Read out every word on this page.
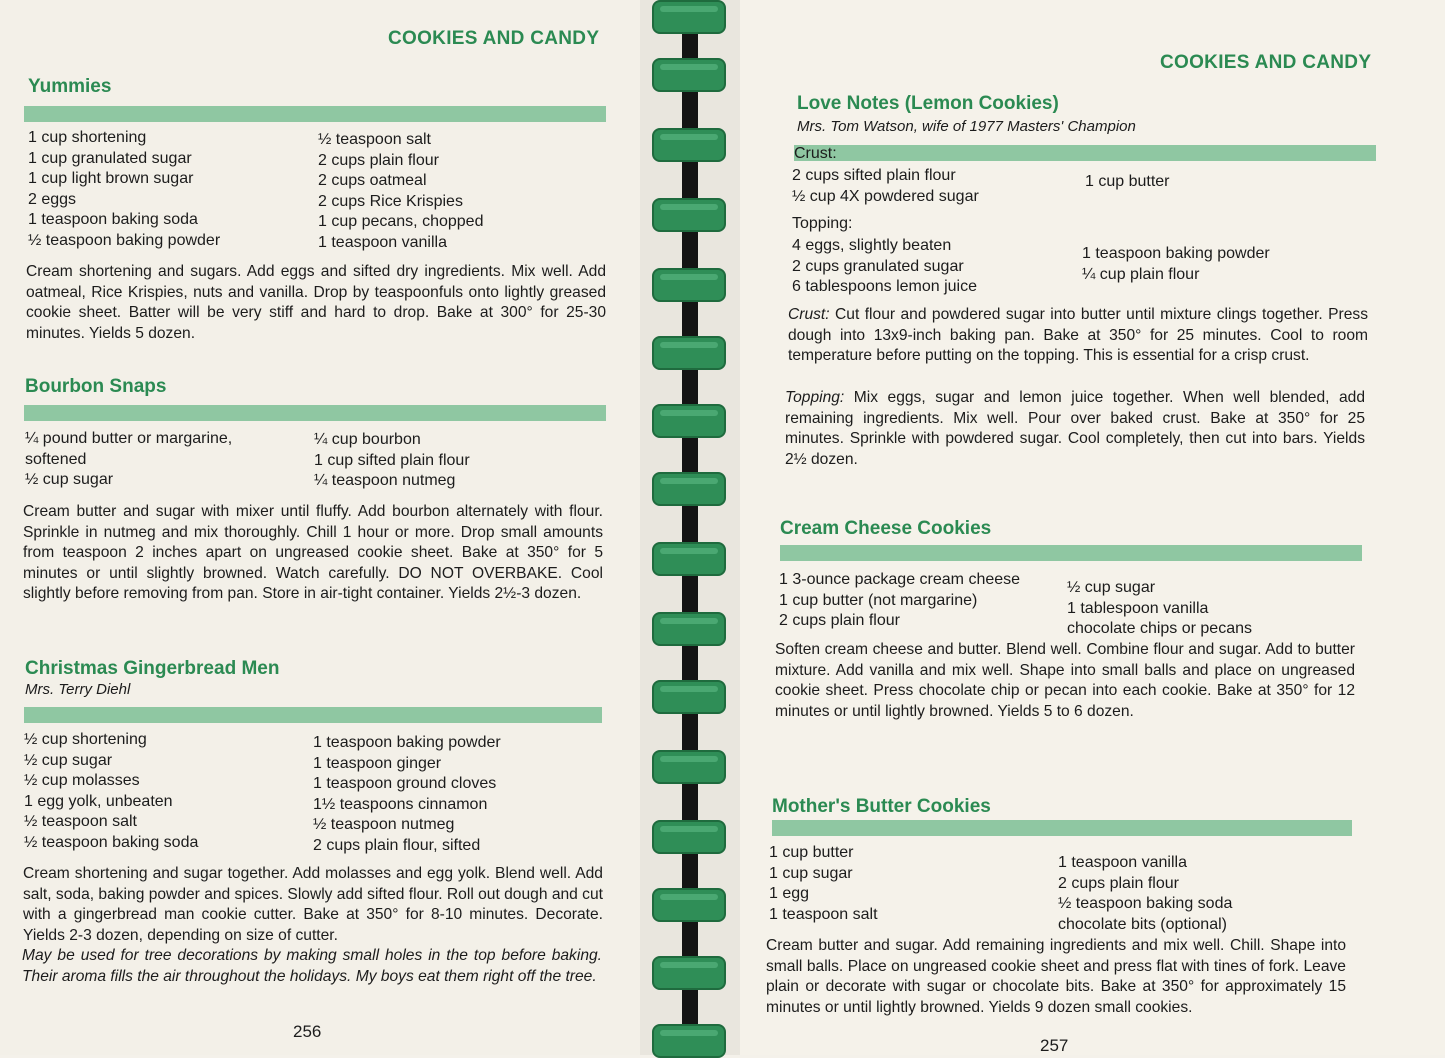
COOKIES AND CANDY
Yummies
1 cup shortening
1 cup granulated sugar
1 cup light brown sugar
2 eggs
1 teaspoon baking soda
½ teaspoon baking powder
½ teaspoon salt
2 cups plain flour
2 cups oatmeal
2 cups Rice Krispies
1 cup pecans, chopped
1 teaspoon vanilla
Cream shortening and sugars. Add eggs and sifted dry ingredients. Mix well. Add oatmeal, Rice Krispies, nuts and vanilla. Drop by teaspoonfuls onto lightly greased cookie sheet. Batter will be very stiff and hard to drop. Bake at 300° for 25-30 minutes. Yields 5 dozen.
Bourbon Snaps
¼ pound butter or margarine,
softened
½ cup sugar
¼ cup bourbon
1 cup sifted plain flour
¼ teaspoon nutmeg
Cream butter and sugar with mixer until fluffy. Add bourbon alternately with flour. Sprinkle in nutmeg and mix thoroughly. Chill 1 hour or more. Drop small amounts from teaspoon 2 inches apart on ungreased cookie sheet. Bake at 350° for 5 minutes or until slightly browned. Watch carefully. DO NOT OVERBAKE. Cool slightly before removing from pan. Store in air-tight container. Yields 2½-3 dozen.
Christmas Gingerbread Men
Mrs. Terry Diehl
½ cup shortening
½ cup sugar
½ cup molasses
1 egg yolk, unbeaten
½ teaspoon salt
½ teaspoon baking soda
1 teaspoon baking powder
1 teaspoon ginger
1 teaspoon ground cloves
1½ teaspoons cinnamon
½ teaspoon nutmeg
2 cups plain flour, sifted
Cream shortening and sugar together. Add molasses and egg yolk. Blend well. Add salt, soda, baking powder and spices. Slowly add sifted flour. Roll out dough and cut with a gingerbread man cookie cutter. Bake at 350° for 8-10 minutes. Decorate. Yields 2-3 dozen, depending on size of cutter.
May be used for tree decorations by making small holes in the top before baking. Their aroma fills the air throughout the holidays. My boys eat them right off the tree.
256
COOKIES AND CANDY
Love Notes (Lemon Cookies)
Mrs. Tom Watson, wife of 1977 Masters' Champion
Crust:
2 cups sifted plain flour
½ cup 4X powdered sugar
1 cup butter
Topping:
4 eggs, slightly beaten
2 cups granulated sugar
6 tablespoons lemon juice
1 teaspoon baking powder
¼ cup plain flour
Crust: Cut flour and powdered sugar into butter until mixture clings together. Press dough into 13x9-inch baking pan. Bake at 350° for 25 minutes. Cool to room temperature before putting on the topping. This is essential for a crisp crust.
Topping: Mix eggs, sugar and lemon juice together. When well blended, add remaining ingredients. Mix well. Pour over baked crust. Bake at 350° for 25 minutes. Sprinkle with powdered sugar. Cool completely, then cut into bars. Yields 2½ dozen.
Cream Cheese Cookies
1 3-ounce package cream cheese
1 cup butter (not margarine)
2 cups plain flour
½ cup sugar
1 tablespoon vanilla
chocolate chips or pecans
Soften cream cheese and butter. Blend well. Combine flour and sugar. Add to butter mixture. Add vanilla and mix well. Shape into small balls and place on ungreased cookie sheet. Press chocolate chip or pecan into each cookie. Bake at 350° for 12 minutes or until lightly browned. Yields 5 to 6 dozen.
Mother's Butter Cookies
1 cup butter
1 cup sugar
1 egg
1 teaspoon salt
1 teaspoon vanilla
2 cups plain flour
½ teaspoon baking soda
chocolate bits (optional)
Cream butter and sugar. Add remaining ingredients and mix well. Chill. Shape into small balls. Place on ungreased cookie sheet and press flat with tines of fork. Leave plain or decorate with sugar or chocolate bits. Bake at 350° for approximately 15 minutes or until lightly browned. Yields 9 dozen small cookies.
257
